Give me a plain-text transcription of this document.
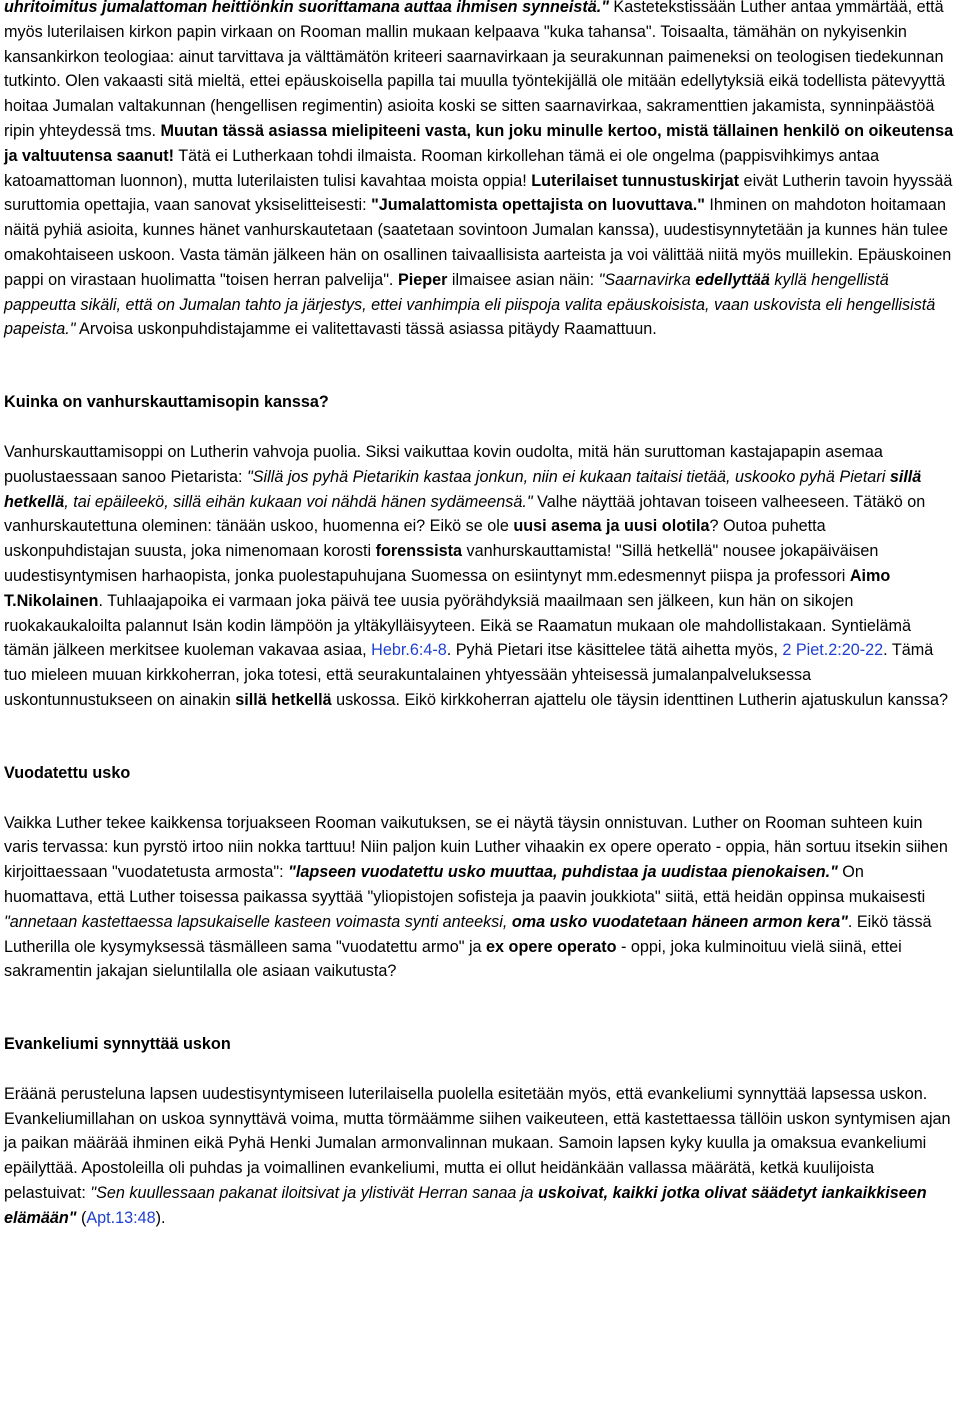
uhritoimitus jumalattoman heittiönkin suorittamana auttaa ihmisen synneistä." Kastetekstissään Luther antaa ymmärtää, että myös luterilaisen kirkon papin virkaan on Rooman mallin mukaan kelpaava "kuka tahansa". Toisaalta, tämähän on nykyisenkin kansankirkon teologiaa: ainut tarvittava ja välttämätön kriteeri saarnavirkaan ja seurakunnan paimeneksi on teologisen tiedekunnan tutkinto. Olen vakaasti sitä mieltä, ettei epäuskoisella papilla tai muulla työntekijällä ole mitään edellytyksiä eikä todellista pätevyyttä hoitaa Jumalan valtakunnan (hengellisen regimentin) asioita koski se sitten saarnavirkaa, sakramenttien jakamista, synninpäästöä ripin yhteydessä tms. Muutan tässä asiassa mielipiteeni vasta, kun joku minulle kertoo, mistä tällainen henkilö on oikeutensa ja valtuutensa saanut! Tätä ei Lutherkaan tohdi ilmaista. Rooman kirkollehan tämä ei ole ongelma (pappisvihkimys antaa katoamattoman luonnon), mutta luterilaisten tulisi kavahtaa moista oppia! Luterilaiset tunnustuskirjat eivät Lutherin tavoin hyyssää suruttomia opettajia, vaan sanovat yksiselitteisesti: "Jumalattomista opettajista on luovuttava." Ihminen on mahdoton hoitamaan näitä pyhiä asioita, kunnes hänet vanhurskautetaan (saatetaan sovintoon Jumalan kanssa), uudestisynnytetään ja kunnes hän tulee omakohtaiseen uskoon. Vasta tämän jälkeen hän on osallinen taivaallisista aarteista ja voi välittää niitä myös muillekin. Epäuskoinen pappi on virastaan huolimatta "toisen herran palvelija". Pieper ilmaisee asian näin: "Saarnavirka edellyttää kyllä hengellistä pappeutta sikäli, että on Jumalan tahto ja järjestys, ettei vanhimpia eli piispoja valita epäuskoisista, vaan uskovista eli hengellisistä papeista." Arvoisa uskonpuhdistajamme ei valitettavasti tässä asiassa pitäydy Raamattuun.

Kuinka on vanhurskauttamisopin kanssa?

Vanhurskauttamisoppi on Lutherin vahvoja puolia. Siksi vaikuttaa kovin oudolta, mitä hän suruttoman kastajapapin asemaa puolustaessaan sanoo Pietarista: "Sillä jos pyhä Pietarikin kastaa jonkun, niin ei kukaan taitaisi tietää, uskooko pyhä Pietari sillä hetkellä, tai epäileekö, sillä eihän kukaan voi nähdä hänen sydämeensä." Valhe näyttää johtavan toiseen valheeseen. Tätäkö on vanhurskautettuna oleminen: tänään uskoo, huomenna ei? Eikö se ole uusi asema ja uusi olotila? Outoa puhetta uskonpuhdistajan suusta, joka nimenomaan korosti forenssista vanhurskauttamista! "Sillä hetkellä" nousee jokapäiväisen uudestisyntymisen harhaopista, jonka puolestapuhujana Suomessa on esiintynyt mm.edesmennyt piispa ja professori Aimo T.Nikolainen. Tuhlaajapoika ei varmaan joka päivä tee uusia pyörähdyksiä maailmaan sen jälkeen, kun hän on sikojen ruokakaukaloilta palannut Isän kodin lämpöön ja yltäkylläisyyteen. Eikä se Raamatun mukaan ole mahdollistakaan. Syntielämä tämän jälkeen merkitsee kuoleman vakavaa asiaa, Hebr.6:4-8. Pyhä Pietari itse käsittelee tätä aihetta myös, 2 Piet.2:20-22. Tämä tuo mieleen muuan kirkkoherran, joka totesi, että seurakuntalainen yhtyessään yhteisessä jumalanpalveluksessa uskontunnustukseen on ainakin sillä hetkellä uskossa. Eikö kirkkoherran ajattelu ole täysin identtinen Lutherin ajatuskulun kanssa?

Vuodatettu usko

Vaikka Luther tekee kaikkensa torjuakseen Rooman vaikutuksen, se ei näytä täysin onnistuvan. Luther on Rooman suhteen kuin varis tervassa: kun pyrstö irtoo niin nokka tarttuu! Niin paljon kuin Luther vihaakin ex opere operato - oppia, hän sortuu itsekin siihen kirjoittaessaan "vuodatetusta armosta": "lapseen vuodatettu usko muuttaa, puhdistaa ja uudistaa pienokaisen." On huomattava, että Luther toisessa paikassa syyttää "yliopistojen sofisteja ja paavin joukkiota" siitä, että heidän oppinsa mukaisesti "annetaan kastettaessa lapsukaiselle kasteen voimasta synti anteeksi, oma usko vuodatetaan häneen armon kera". Eikö tässä Lutherilla ole kysymyksessä täsmälleen sama "vuodatettu armo" ja ex opere operato - oppi, joka kulminoituu vielä siinä, ettei sakramentin jakajan sieluntilalla ole asiaan vaikutusta?

Evankeliumi synnyttää uskon

Eräänä perusteluna lapsen uudestisyntymiseen luterilaisella puolella esitetään myös, että evankeliumi synnyttää lapsessa uskon. Evankeliumillahan on uskoa synnyttävä voima, mutta törmäämme siihen vaikeuteen, että kastettaessa tällöin uskon syntymisen ajan ja paikan määrää ihminen eikä Pyhä Henki Jumalan armonvalinnan mukaan. Samoin lapsen kyky kuulla ja omaksua evankeliumi epäilyttää. Apostoleilla oli puhdas ja voimallinen evankeliumi, mutta ei ollut heidänkään vallassa määrätä, ketkä kuulijoista pelastuivat: "Sen kuullessaan pakanat iloitsivat ja ylistivät Herran sanaa ja uskoivat, kaikki jotka olivat säädetyt iankaikkiseen elämään" (Apt.13:48).
